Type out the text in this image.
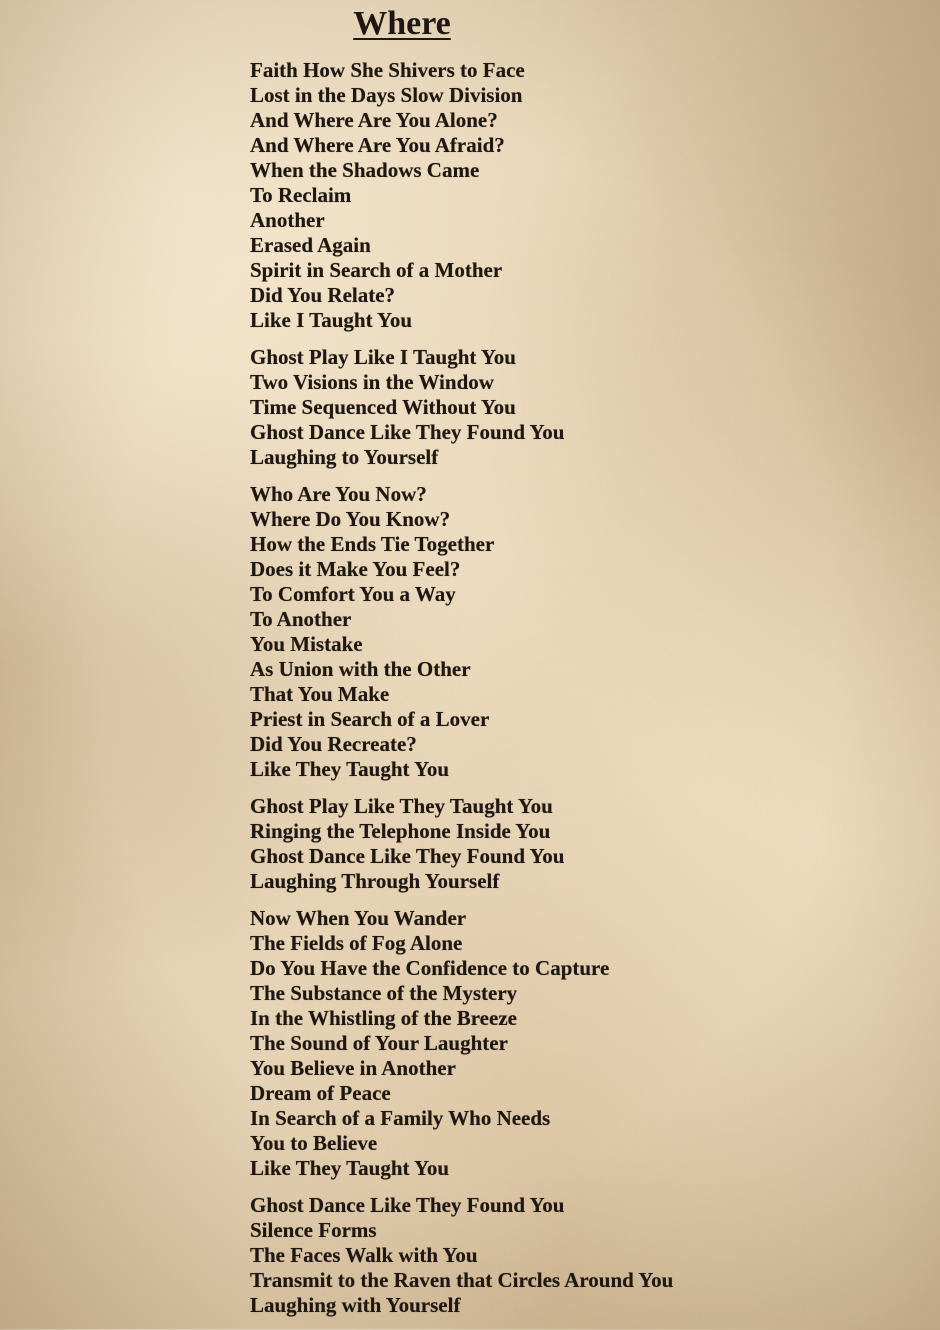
Where
Faith How She Shivers to Face
Lost in the Days Slow Division
And Where Are You Alone?
And Where Are You Afraid?
When the Shadows Came
To Reclaim
Another
Erased Again
Spirit in Search of a Mother
Did You Relate?
Like I Taught You
Ghost Play Like I Taught You
Two Visions in the Window
Time Sequenced Without You
Ghost Dance Like They Found You
Laughing to Yourself
Who Are You Now?
Where Do You Know?
How the Ends Tie Together
Does it Make You Feel?
To Comfort You a Way
To Another
You Mistake
As Union with the Other
That You Make
Priest in Search of a Lover
Did You Recreate?
Like They Taught You
Ghost Play Like They Taught You
Ringing the Telephone Inside You
Ghost Dance Like They Found You
Laughing Through Yourself
Now When You Wander
The Fields of Fog Alone
Do You Have the Confidence to Capture
The Substance of the Mystery
In the Whistling of the Breeze
The Sound of Your Laughter
You Believe in Another
Dream of Peace
In Search of a Family Who Needs
You to Believe
Like They Taught You
Ghost Dance Like They Found You
Silence Forms
The Faces Walk with You
Transmit to the Raven that Circles Around You
Laughing with Yourself
